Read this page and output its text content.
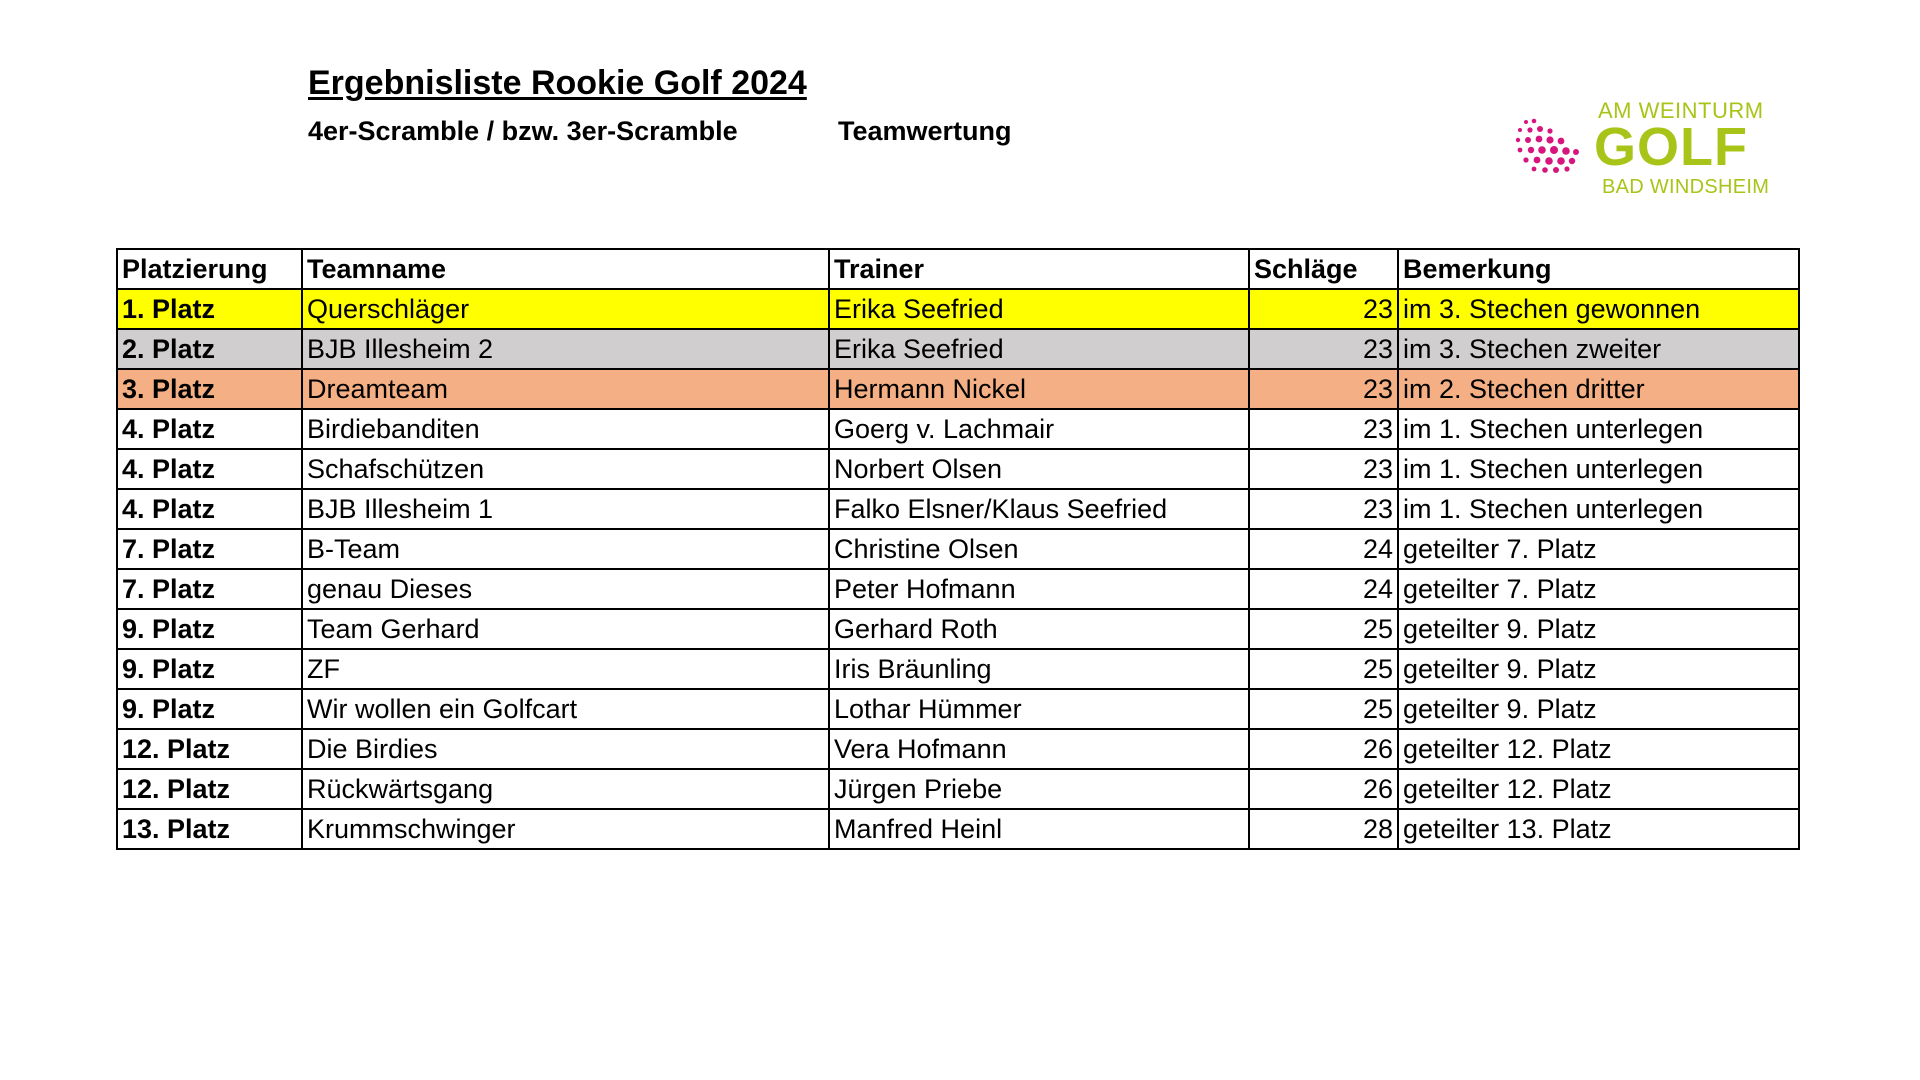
Ergebnisliste Rookie Golf 2024
4er-Scramble / bzw. 3er-Scramble	Teamwertung
AM WEINTURM
GOLF
BAD WINDSHEIM
Platzierung	Teamname	Trainer	Schläge	Bemerkung
1. Platz	Querschläger	Erika Seefried	23	im 3. Stechen gewonnen
2. Platz	BJB Illesheim 2	Erika Seefried	23	im 3. Stechen zweiter
3. Platz	Dreamteam	Hermann Nickel	23	im 2. Stechen dritter
4. Platz	Birdiebanditen	Goerg v. Lachmair	23	im 1. Stechen unterlegen
4. Platz	Schafschützen	Norbert Olsen	23	im 1. Stechen unterlegen
4. Platz	BJB Illesheim 1	Falko Elsner/Klaus Seefried	23	im 1. Stechen unterlegen
7. Platz	B-Team	Christine Olsen	24	geteilter 7. Platz
7. Platz	genau Dieses	Peter Hofmann	24	geteilter 7. Platz
9. Platz	Team Gerhard	Gerhard Roth	25	geteilter 9. Platz
9. Platz	ZF	Iris Bräunling	25	geteilter 9. Platz
9. Platz	Wir wollen ein Golfcart	Lothar Hümmer	25	geteilter 9. Platz
12. Platz	Die Birdies	Vera Hofmann	26	geteilter 12. Platz
12. Platz	Rückwärtsgang	Jürgen Priebe	26	geteilter 12. Platz
13. Platz	Krummschwinger	Manfred Heinl	28	geteilter 13. Platz
